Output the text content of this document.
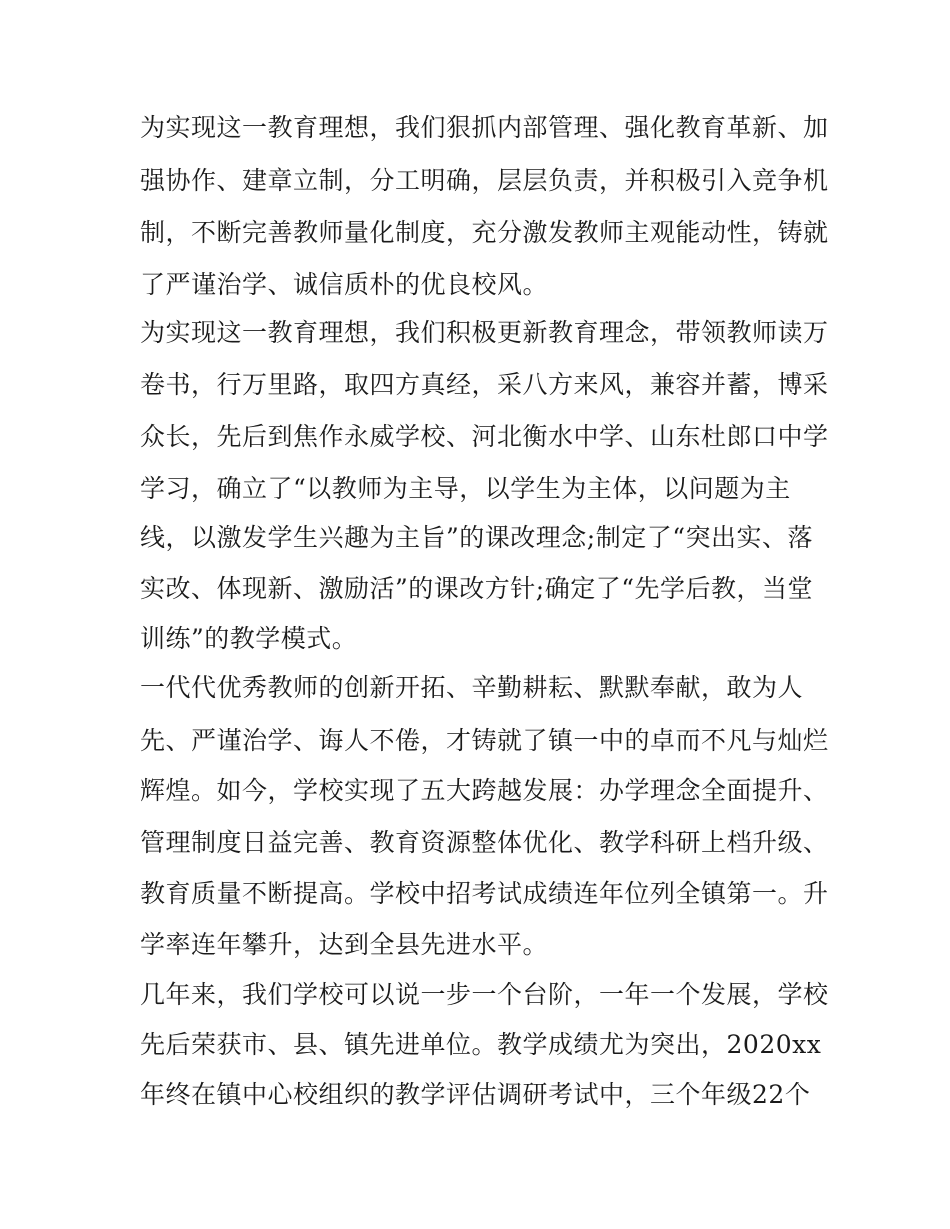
为实现这一教育理想，我们狠抓内部管理、强化教育革新、加
强协作、建章立制，分工明确，层层负责，并积极引入竞争机
制，不断完善教师量化制度，充分激发教师主观能动性，铸就
了严谨治学、诚信质朴的优良校风。
为实现这一教育理想，我们积极更新教育理念，带领教师读万
卷书，行万里路，取四方真经，采八方来风，兼容并蓄，博采
众长，先后到焦作永威学校、河北衡水中学、山东杜郎口中学
学习，确立了“以教师为主导，以学生为主体，以问题为主
线，以激发学生兴趣为主旨”的课改理念;制定了“突出实、落
实改、体现新、激励活”的课改方针;确定了“先学后教，当堂
训练”的教学模式。
一代代优秀教师的创新开拓、辛勤耕耘、默默奉献，敢为人
先、严谨治学、诲人不倦，才铸就了镇一中的卓而不凡与灿烂
辉煌。如今，学校实现了五大跨越发展：办学理念全面提升、
管理制度日益完善、教育资源整体优化、教学科研上档升级、
教育质量不断提高。学校中招考试成绩连年位列全镇第一。升
学率连年攀升，达到全县先进水平。
几年来，我们学校可以说一步一个台阶，一年一个发展，学校
先后荣获市、县、镇先进单位。教学成绩尤为突出，2020xx
年终在镇中心校组织的教学评估调研考试中，三个年级22个
